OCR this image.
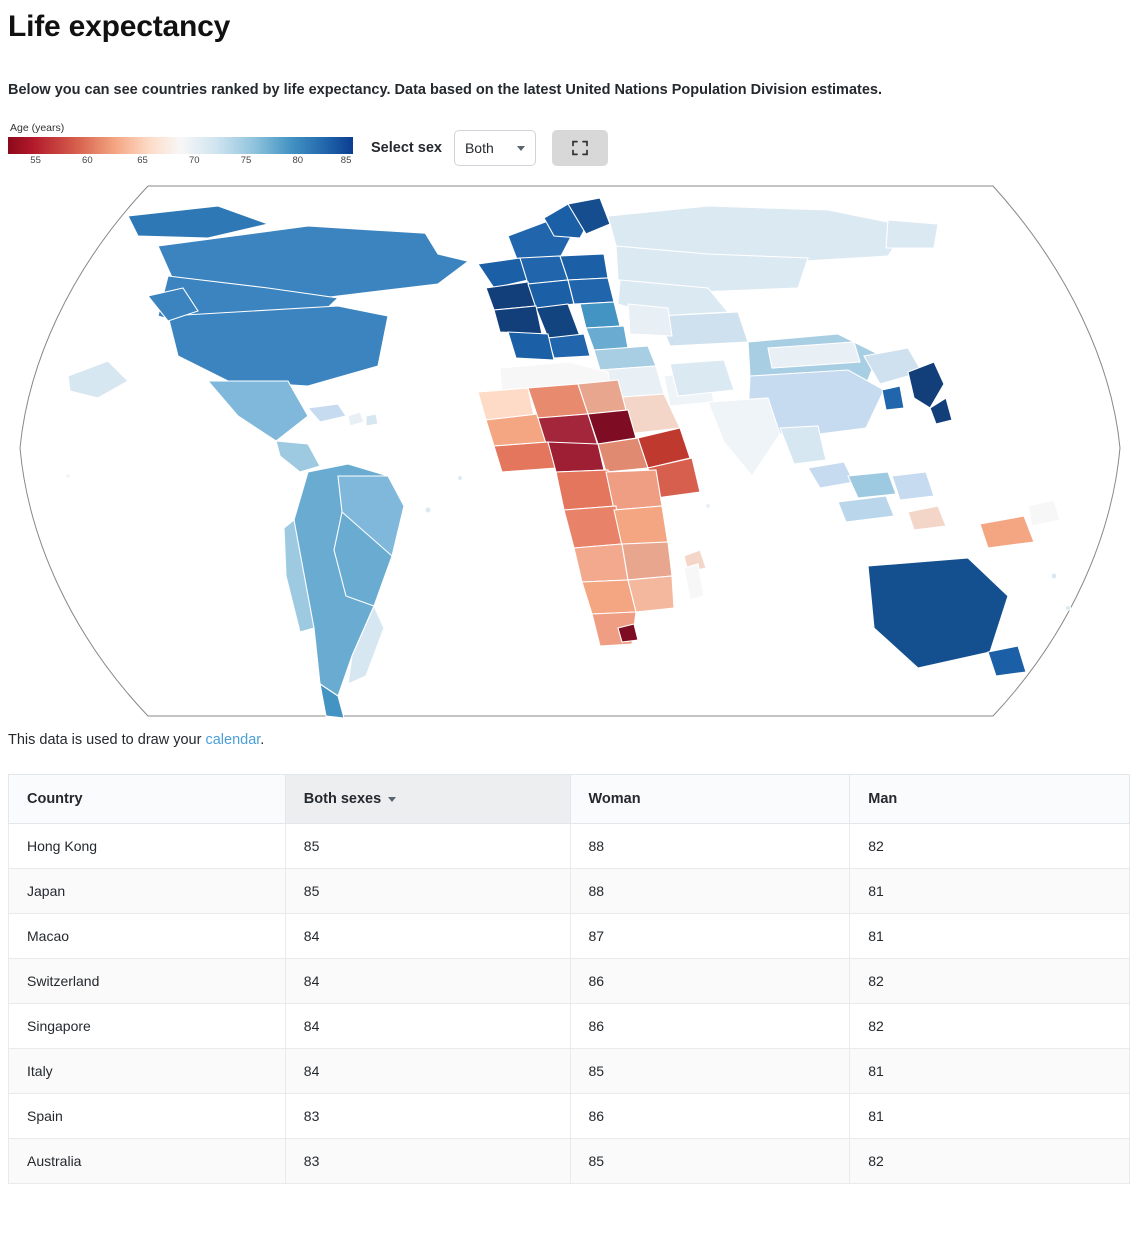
Life expectancy

Below you can see countries ranked by life expectancy. Data based on the latest United Nations Population Division estimates.

Age (years)
55	60	65	70	75	80	85
Select sex Both

This data is used to draw your calendar.

Country	Both sexes	Woman	Man
Hong Kong	85	88	82
Japan	85	88	81
Macao	84	87	81
Switzerland	84	86	82
Singapore	84	86	82
Italy	84	85	81
Spain	83	86	81
Australia	83	85	82
